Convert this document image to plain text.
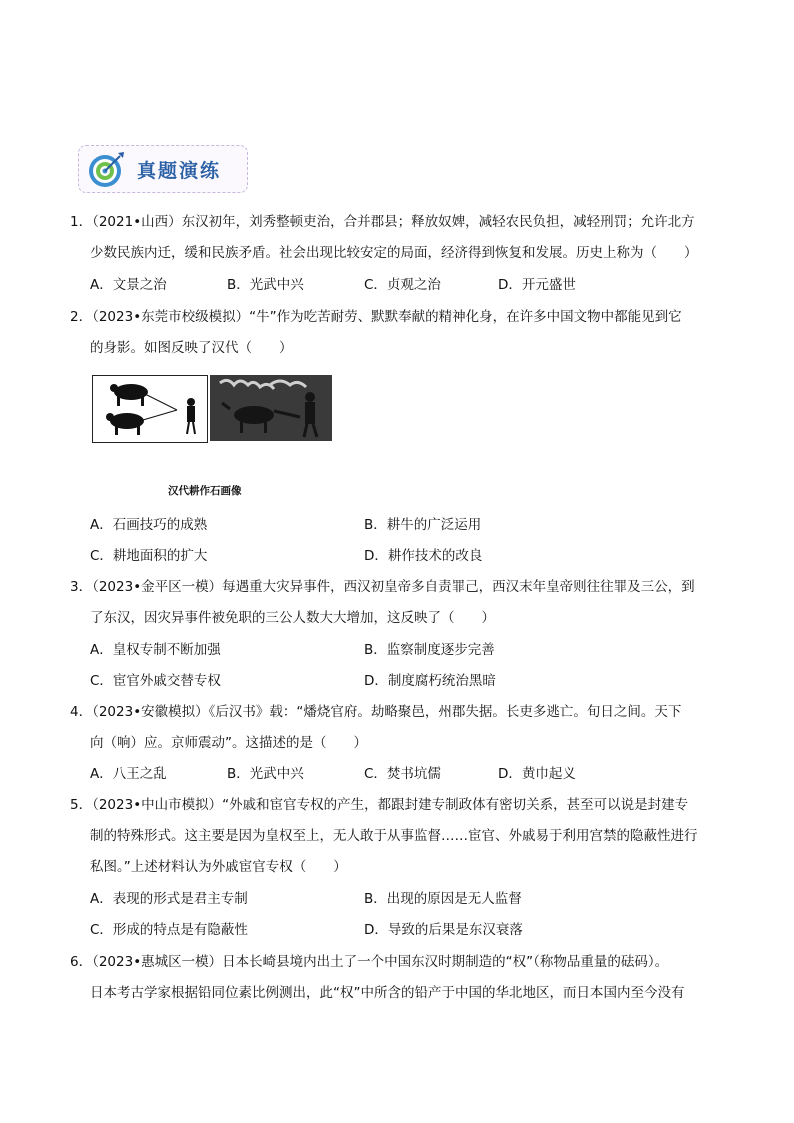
真题演练
1．（2021•山西）东汉初年，刘秀整顿吏治，合并郡县；释放奴婢，减轻农民负担，减轻刑罚；允许北方
少数民族内迁，缓和民族矛盾。社会出现比较安定的局面，经济得到恢复和发展。历史上称为（　　）
A．文景之治	B．光武中兴	C．贞观之治	D．开元盛世
2．（2023•东莞市校级模拟）“牛”作为吃苦耐劳、默默奉献的精神化身，在许多中国文物中都能见到它
的身影。如图反映了汉代（　　）
汉代耕作石画像
A．石画技巧的成熟	B．耕牛的广泛运用
C．耕地面积的扩大	D．耕作技术的改良
3．（2023•金平区一模）每遇重大灾异事件，西汉初皇帝多自责罪己，西汉末年皇帝则往往罪及三公，到
了东汉，因灾异事件被免职的三公人数大大增加，这反映了（　　）
A．皇权专制不断加强	B．监察制度逐步完善
C．宦官外戚交替专权	D．制度腐朽统治黑暗
4．（2023•安徽模拟）《后汉书》载：“燔烧官府。劫略聚邑，州郡失据。长吏多逃亡。旬日之间。天下
向（响）应。京师震动”。这描述的是（　　）
A．八王之乱	B．光武中兴	C．焚书坑儒	D．黄巾起义
5．（2023•中山市模拟）“外戚和宦官专权的产生，都跟封建专制政体有密切关系，甚至可以说是封建专
制的特殊形式。这主要是因为皇权至上，无人敢于从事监督……宦官、外戚易于利用宫禁的隐蔽性进行
私图。”上述材料认为外戚宦官专权（　　）
A．表现的形式是君主专制	B．出现的原因是无人监督
C．形成的特点是有隐蔽性	D．导致的后果是东汉衰落
6．（2023•惠城区一模）日本长崎县境内出土了一个中国东汉时期制造的“权”（称物品重量的砝码）。
日本考古学家根据铅同位素比例测出，此“权”中所含的铅产于中国的华北地区，而日本国内至今没有
